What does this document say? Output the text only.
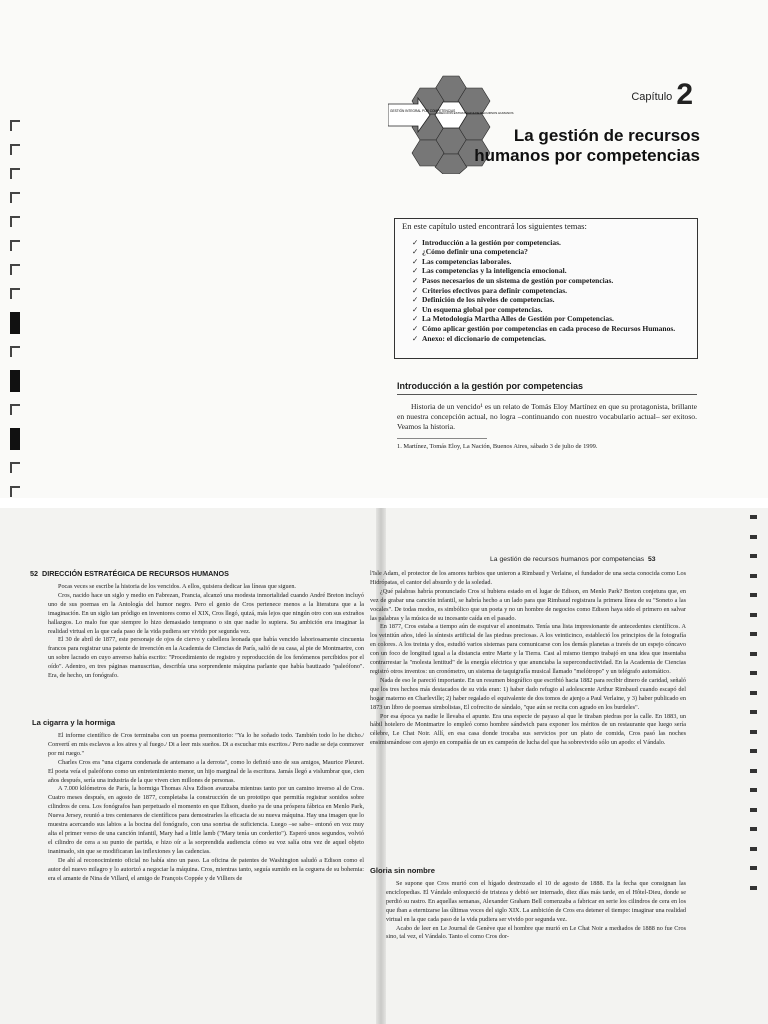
GESTIÓN INTEGRAL POR COMPETENCIAS
DIRECCIÓN ESTRATÉGICA DE RECURSOS HUMANOS
Capítulo 2
La gestión de recursos
humanos por competencias
En este capítulo usted encontrará los siguientes temas:
✓ Introducción a la gestión por competencias.
✓ ¿Cómo definir una competencia?
✓ Las competencias laborales.
✓ Las competencias y la inteligencia emocional.
✓ Pasos necesarios de un sistema de gestión por competencias.
✓ Criterios efectivos para definir competencias.
✓ Definición de los niveles de competencias.
✓ Un esquema global por competencias.
✓ La Metodología Martha Alles de Gestión por Competencias.
✓ Cómo aplicar gestión por competencias en cada proceso de Recursos Humanos.
✓ Anexo: el diccionario de competencias.
Introducción a la gestión por competencias
Historia de un vencido¹ es un relato de Tomás Eloy Martínez en que su protagonista, brillante en nuestra concepción actual, no logra –continuando con nuestro vocabulario actual– ser exitoso. Veamos la historia.
1. Martínez, Tomás Eloy, La Nación, Buenos Aires, sábado 3 de julio de 1999.
52 DIRECCIÓN ESTRATÉGICA DE RECURSOS HUMANOS

Pocas veces se escribe la historia de los vencidos. A ellos, quisiera dedicar las líneas que siguen.

Cros, nacido hace un siglo y medio en Fabrezan, Francia, alcanzó una modesta inmortalidad cuando André Breton incluyó uno de sus poemas en la Antología del humor negro. Pero el genio de Cros pertenece menos a la literatura que a la imaginación. En un siglo tan pródigo en inventores como el XIX, Cros llegó, quizá, más lejos que ningún otro con sus extraños hallazgos. Lo malo fue que siempre lo hizo demasiado temprano o sin que nadie lo supiera. Su ambición era imaginar la realidad virtual en la que cada paso de la vida pudiera ser vivido por segunda vez.

El 30 de abril de 1877, este personaje de ojos de ciervo y cabellera leonada que había vencido laboriosamente cincuenta francos para registrar una patente de invención en la Academia de Ciencias de París, salió de su casa, al pie de Montmartre, con un sobre lacrado en cuyo anverso había escrito: "Procedimiento de registro y reproducción de los fenómenos percibidos por el oído". Adentro, en tres páginas manuscritas, describía una sorprendente máquina parlante que había bautizado "paleófono". Era, de hecho, un fonógrafo.

La cigarra y la hormiga

El informe científico de Cros terminaba con un poema premonitorio: "Ya lo he soñado todo. También todo lo he dicho./ Convertí en mis esclavos a los aires y al fuego./ Di a leer mis sueños. Di a escuchar mis escritos./ Pero nadie se deja conmover por mi ruego."

Charles Cros era "una cigarra condenada de antemano a la derrota", como lo definió uno de sus amigos, Maurice Pleuret. El poeta veía el paleófono como un entretenimiento menor, un hijo marginal de la escritura. Jamás llegó a vislumbrar que, cien años después, sería una industria de la que viven cien millones de personas.

A 7.000 kilómetros de París, la hormiga Thomas Alva Edison avanzaba mientras tanto por un camino inverso al de Cros. Cuatro meses después, en agosto de 1877, completaba la construcción de un prototipo que permitía registrar sonidos sobre cilindros de cera. Los fonógrafos han perpetuado el momento en que Edison, dueño ya de una próspera fábrica en Menlo Park, Nueva Jersey, reunió a tres centenares de científicos para demostrarles la eficacia de su nueva máquina. Hay una imagen que lo muestra acercando sus labios a la bocina del fonógrafo, con una sonrisa de suficiencia. Luego –se sabe– entonó en voz muy alta el primer verso de una canción infantil, Mary had a little lamb ("Mary tenía un corderito"). Esperó unos segundos, volvió el cilindro de cera a su punto de partida, e hizo oír a la sorprendida audiencia cómo su voz salía otra vez de aquel objeto inanimado, sin que se modificaran las inflexiones y las cadencias.

De ahí al reconocimiento oficial no había sino un paso. La oficina de patentes de Washington saludó a Edison como el autor del nuevo milagro y lo autorizó a negociar la máquina. Cros, mientras tanto, seguía sumido en la ceguera de su bohemia: era el amante de Nina de Villard, el amigo de François Coppée y de Villiers de

La gestión de recursos humanos por competencias 53

l'Isle Adam, el protector de los amores turbios que unieron a Rimbaud y Verlaine, el fundador de una secta conocida como Los Hidrópatas, el cantor del absurdo y de la soledad.

¿Qué palabras habría pronunciado Cros si hubiera estado en el lugar de Edison, en Menlo Park? Breton conjetura que, en vez de grabar una canción infantil, se habría hecho a un lado para que Rimbaud registrara la primera línea de su "Soneto a las vocales". De todas modos, es simbólico que un poeta y no un hombre de negocios como Edison haya sido el primero en salvar las palabras y la música de su incesante caída en el pasado.

En 1877, Cros estaba a tiempo aún de esquivar el anonimato. Tenía una lista impresionante de antecedentes científicos. A los veintiún años, ideó la síntesis artificial de las piedras preciosas. A los veinticinco, estableció los principios de la fotografía en colores. A los treinta y dos, estudió varios sistemas para comunicarse con los demás planetas a través de un espejo cóncavo con un foco de longitud igual a la distancia entre Marte y la Tierra. Casi al mismo tiempo trabajó en una idea que insentaba contrarrestar la "molesta lentitud" de la energía eléctrica y que anunciaba la superconductividad. En la Academia de Ciencias registró otros inventos: un cronómetro, un sistema de taquigrafía musical llamado "melótropo" y un telégrafo automático.

Nada de eso le pareció importante. En un resumen biográfico que escribió hacia 1882 para recibir dinero de caridad, señaló que los tres hechos más destacados de su vida eran: 1) haber dado refugio al adolescente Arthur Rimbaud cuando escapó del hogar materno en Charleville; 2) haber regalado el equivalente de dos tomos de ajenjo a Paul Verlaine, y 3) haber publicado en 1873 un libro de poemas simbolistas, El cofrecito de sándalo, "que aún se recita con agrado en los burdeles".

Por esa época ya nadie le llevaba el apunte. Era una especie de payaso al que le tiraban piedras por la calle. En 1883, un hábil hotelero de Montmartre lo empleó como hombre sándwich para exponer los méritos de un restaurante que luego sería célebre, Le Chat Noir. Allí, en esa casa donde trocaba sus servicios por un plato de comida, Cros pasó las noches ensimismándose con ajenjo en compañía de un ex campeón de lucha del que ha sobrevivido sólo un apodo: el Vándalo.

Gloria sin nombre

Se supone que Cros murió con el hígado destrozado el 10 de agosto de 1888. Es la fecha que consignan las enciclopedias. El Vándalo enloqueció de tristeza y debió ser internado, diez días más tarde, en el Hôtel-Dieu, donde se perdió su rastro. En aquellas semanas, Alexander Graham Bell comenzaba a fabricar en serie los cilindros de cera en los que iban a eternizarse las últimas voces del siglo XIX. La ambición de Cros era detener el tiempo: imaginar una realidad virtual en la que cada paso de la vida pudiera ser vivido por segunda vez.

Acabo de leer en Le Journal de Genève que el hombre que murió en Le Chat Noir a mediados de 1888 no fue Cros sino, tal vez, el Vándalo. Tanto el como Cros dor-
